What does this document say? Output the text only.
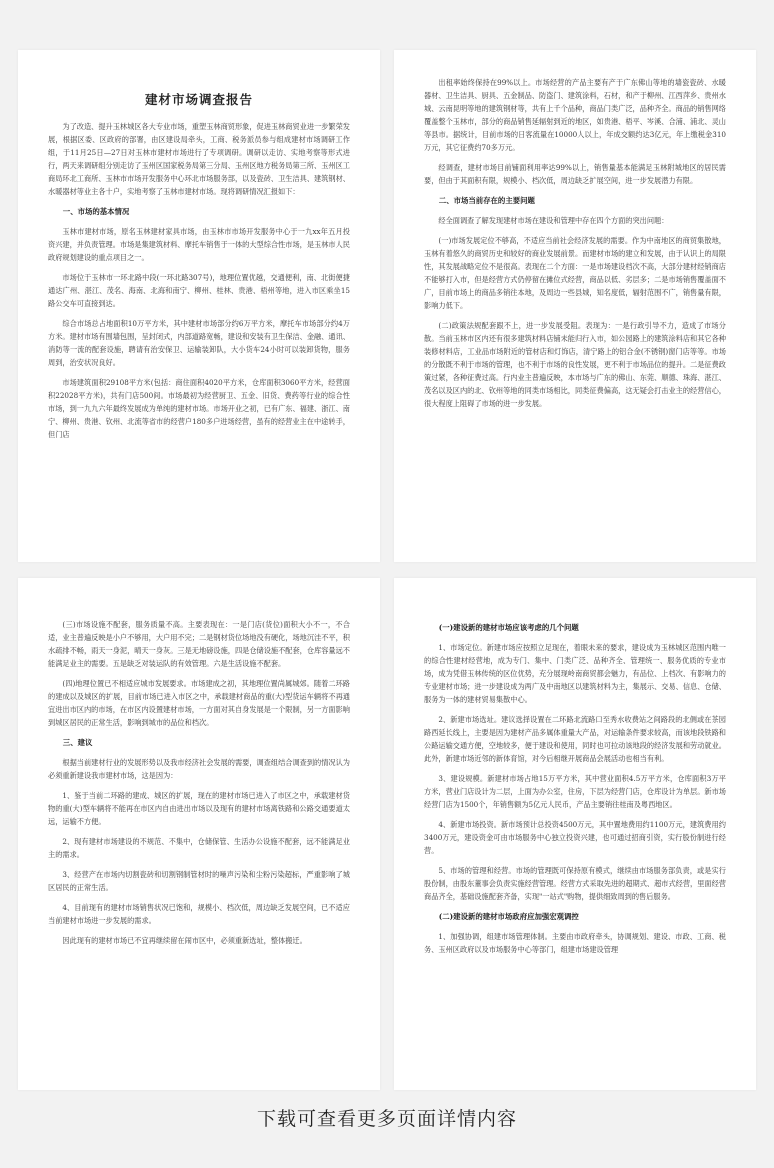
建材市场调查报告

为了改造、提升玉林城区各大专业市场，重塑玉林商贸形象，促进玉林商贸业进一步繁荣发展，根据区委、区政府的部署，由区建设局牵头，工商、税务派员参与组成建材市场调研工作组，于11月25日—27日对玉林市建材市场进行了专项调研。调研以走访、实地考察等形式进行，两天来调研组分别走访了玉州区国家税务局第三分局、玉州区地方税务局第三所、玉州区工商局环北工商所、玉林市市场开发服务中心环北市场服务部，以及瓷砖、卫生洁具、建筑钢材、水暖器材等业主各十户，实地考察了玉林市建材市场。现将调研情况汇报如下：

一、市场的基本情况

玉林市建材市场，原名玉林建材家具市场，由玉林市市场开发服务中心于一九xx年五月投资兴建，并负责管理。市场是集建筑材料、摩托车销售于一体的大型综合性市场，是玉林市人民政府规划建设的重点项目之一。

市场位于玉林市一环北路中段(一环北路307号)，地理位置优越，交通便利，南、北街便捷通达广州、湛江、茂名、海南、北海和南宁、柳州、桂林、贵港、梧州等地，进入市区乘坐15路公交车可直接到达。

综合市场总占地面积10万平方米，其中建材市场部分约6万平方米，摩托车市场部分约4万方米。建材市场有围墙包围，呈封闭式，内部道路宽畅，建设和安装有卫生保洁、金融、通讯、消防等一流的配套设施，聘请有治安保卫、运输装卸队，大小货车24小时可以装卸货物，服务周到，治安状况良好。

市场建筑面积29108平方米(包括：商住面积4020平方米，仓库面积3060平方米，经营面积22028平方米)，共有门店500间。市场最初为经营厨卫、五金、旧货、费药等行业的综合性市场，到一九九六年最终发展成为单纯的建材市场。市场开业之初，已有广东、福建、浙江、南宁、柳州、贵港、钦州、北流等省市的经营户180多户进场经营，虽有的经营业主在中途转手，但门店

出租率始终保持在99%以上。市场经营的产品主要有产于广东佛山等地的墙瓷瓷砖、水暖器材、卫生洁具、厨具、五金制品、防盗门、建筑涂料，石材，和产于柳州、江西萍乡、贵州水城、云南昆明等地的建筑钢材等，共有上千个品种，商品门类广泛，品种齐全。商品的销售网络覆盖整个玉林市，部分的商品销售延辐射到近的地区，如贵港、梧平、岑溪、合浦、浦北、灵山等县市。据统计，目前市场的日客流量在10000人以上，年成交额约达3亿元，年上缴税金310万元，其它征费约70多万元。

经调查，建材市场目前铺面利用率达99%以上，销售量基本能满足玉林附城地区的居民需要，但由于其面积有限，规模小、档次低，周边缺乏扩展空间，进一步发展潜力有限。

二、市场当前存在的主要问题

经全面调查了解发现建材市场在建设和管理中存在四个方面的突出问题：

(一)市场发展定位不够高，不适应当前社会经济发展的需要。作为中南地区的商贸集散地，玉林有着悠久的商贸历史和较好的商业发展前景。而建材市场的建立和发展，由于认识上的局限性，其发展战略定位不是很高。表现在二个方面：一是市场建设档次不高，大部分建材经销商店不能够打入市，但是经营方式仍停留在摊位式经营，商品以低、劣层多；二是市场销售覆盖面不广，目前市场上的商品多销往本地，及周边一些县城，知名度低，辐射范围不广，销售量有限，影响力低下。

(二)政策法规配套跟不上，进一步发展受阻。表现为：一是行政引导不力，造成了市场分散。当前玉林市区内还有很多建筑材料店铺未能归行入市，如公园路上的建筑涂料店和其它各种装修材料店，工业品市场附近的管材店和灯饰店，清宁路上的铝合金(不锈钢)窗门店等等。市场的分散既不利于市场的管理，也不利于市场的良性发展，更不利于市场品位的提升。二是征费政策过紧，各种征费过高。行内业主普遍反映，本市场与广东的佛山、东莞、顺德、珠海、湛江、茂名以及区内的北、钦州等地的同类市场相比，同类征费偏高，这无疑会打击业主的经营信心，很大程度上阻碍了市场的进一步发展。

(三)市场设施不配套，服务质量不高。主要表现在：一是门店(货位)面积大小不一，不合适，业主普遍反映是小户不够用，大户用不完；二是钢材货位场地没有硬化，场地沉洼不平，积水疏排不畅，雨天一身泥，晴天一身灰。三是无地磅设施，四是仓储设施不配套，仓库容量远不能满足业主的需要。五是缺乏对装运队的有效管理。六是生活设施不配套。

(四)地理位置已不相适应城市发展要求。市场建成之初，其地理位置尚属城郊。随着二环路的建成以及城区的扩展，目前市场已进入市区之中，承载建材商品的重(大)型货运车辆将不再通宜进出市区内的市场，在市区内设置建材市场，一方面对其自身发展是一个限制，另一方面影响到城区居民的正常生活，影响到城市的品位和档次。

三、建议

根据当前建材行业的发展形势以及我市经济社会发展的需要，调查组结合调查到的情况认为必须重新建设我市建材市场，这是因为：

1、鉴于当前二环路的建成、城区的扩展，现在的建材市场已进入了市区之中，承载建材货物的重(大)型车辆将不能再在市区内自由进出市场以及现有的建材市场离铁路和公路交通要道太远，运输不方便。

2、现有建材市场建设的不规范、不集中，仓储保管、生活办公设施不配套，远不能满足业主的需求。

3、经营产在市场内切割瓷砖和切割钢制管材时的噪声污染和尘粉污染超标，严重影响了城区居民的正常生活。

4、目前现有的建材市场销售状况已饱和，规模小、档次低，周边缺乏发展空间，已不适应当前建材市场进一步发展的需求。

因此现有的建材市场已不宜再继续留在闹市区中，必须重新选址，整体搬迁。

(一)建设新的建材市场应该考虑的几个问题

1、市场定位。新建市场应按照立足现在，着眼未来的要求，建设成为玉林城区范围内唯一的综合性建材经营地，成为专门、集中、门类广泛、品种齐全、管理统一、服务优质的专业市场，成为凭借玉林传统的区位优势，充分展现岭南商贸都会魅力，有品位、上档次、有影响力的专业建材市场；进一步建设成为两广及中南地区以建筑材料为主，集展示、交易、信息、仓储、服务为一体的建材贸易集散中心。

2、新建市场选址。建议选择设置在二环路北流路口至秀水收费站之间路段的北侧或在茶园路西延长线上，主要是因为建材产品多属体重量大产品，对运输条件要求较高，而该地段铁路和公路运输交通方便，空地较多，便于建设和使用，同时也可拉动该地段的经济发展和劳动就业。此外，新建市场近邻的新体育馆，对今后相继开展商品会展活动也相当有利。

3、建设规模。新建材市场占地15万平方米，其中营业面积4.5万平方米，仓库面积3万平方米，营业门店设计为二层，上面为办公室，住房，下层为经营门店，仓库设计为单层。新市场经营门店为1500个，年销售额为5亿元人民币，产品主要销往桂南及粤西地区。

4、新建市场投资。新市场预计总投资4500万元，其中置地费用约1100万元，建筑费用约3400万元，建设资金可由市场服务中心独立投资兴建，也可通过招商引资，实行股份制进行经营。

5、市场的管理和经营。市场的管理既可保持原有模式，继续由市场服务部负责，或是实行股份制，由股东董事会负责实施经营管理。经营方式采取先进的超期式、超市式经营，里面经营商品齐全，基础设施配套齐备，实现"一站式"购物，提供细致周到的售后服务。

(二)建设新的建材市场政府应加强宏观调控

1、加强协调，组建市场管理体制。主要由市政府牵头，协调规划、建设、市政、工商、税务、玉州区政府以及市场服务中心等部门，组建市场建设管理

下载可查看更多页面详情内容
